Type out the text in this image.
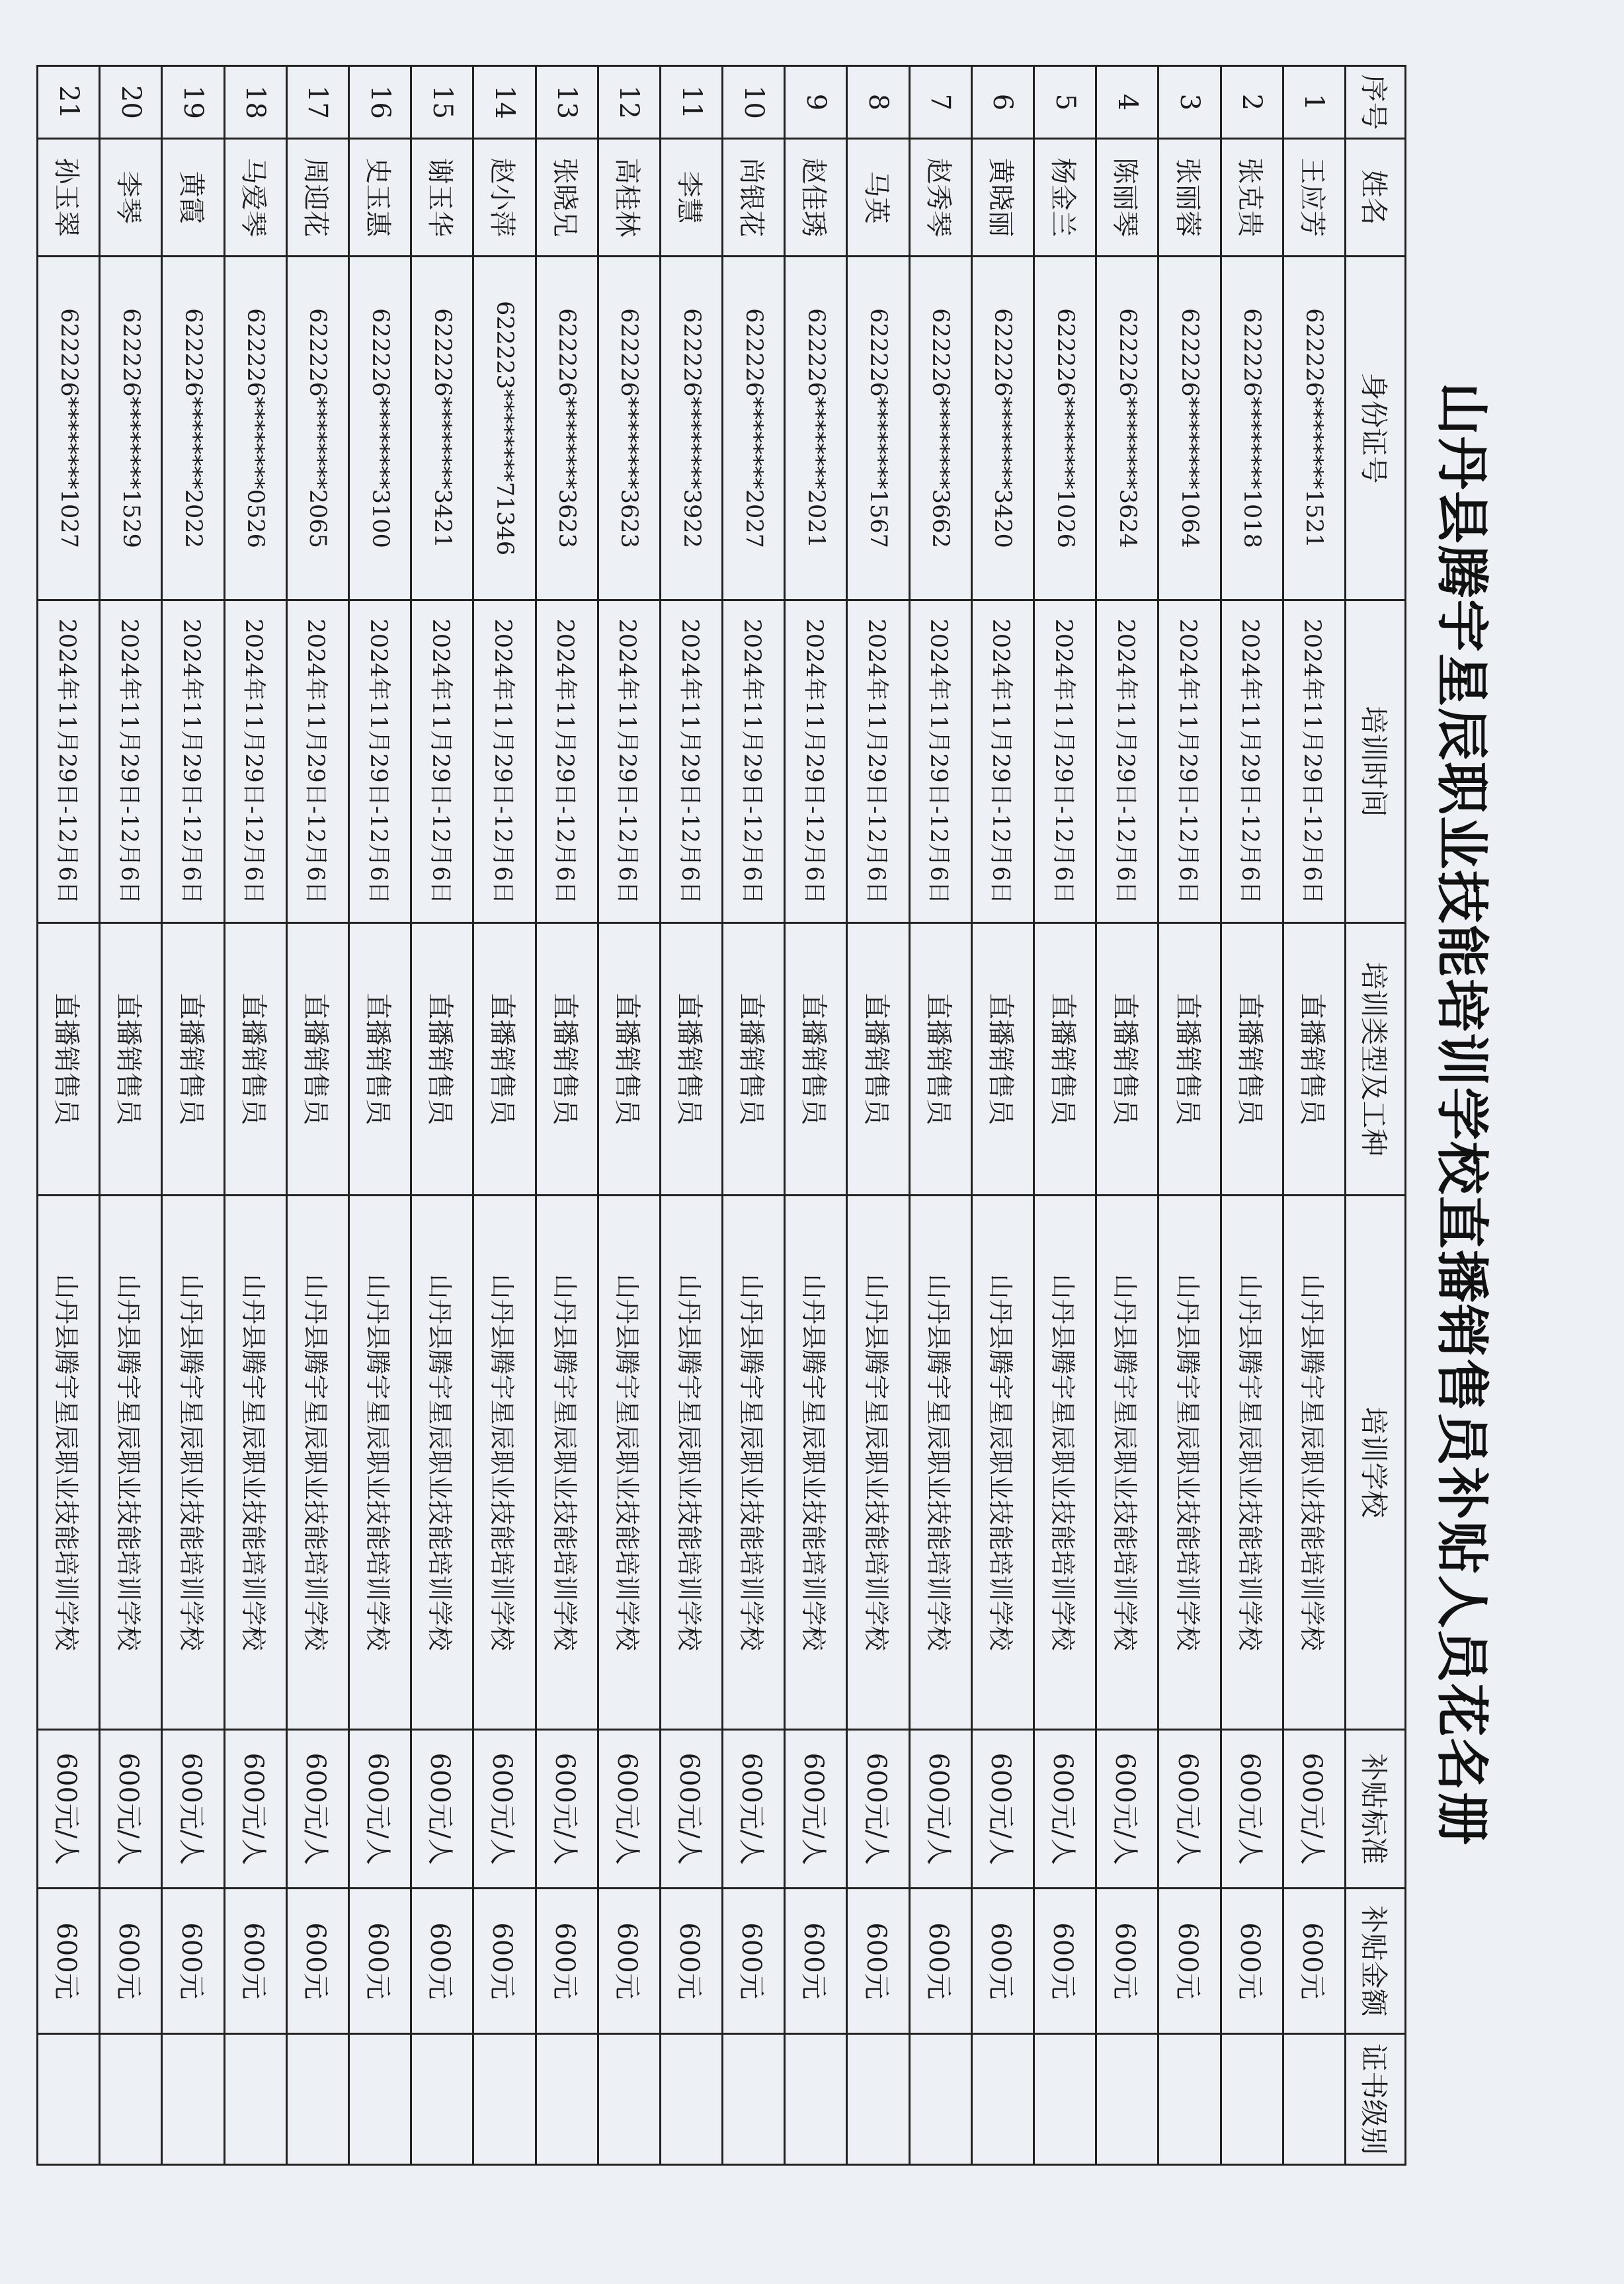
山丹县腾宇星辰职业技能培训学校直播销售员补贴人员花名册
序号	姓名	身份证号	培训时间	培训类型及工种	培训学校	补贴标准	补贴金额	证书级别
1	王应芳	622226********1521	2024年11月29日-12月6日	直播销售员	山丹县腾宇星辰职业技能培训学校	600元/人	600元	
2	张克贵	622226********1018	2024年11月29日-12月6日	直播销售员	山丹县腾宇星辰职业技能培训学校	600元/人	600元	
3	张丽蓉	622226********1064	2024年11月29日-12月6日	直播销售员	山丹县腾宇星辰职业技能培训学校	600元/人	600元	
4	陈丽琴	622226********3624	2024年11月29日-12月6日	直播销售员	山丹县腾宇星辰职业技能培训学校	600元/人	600元	
5	杨金兰	622226********1026	2024年11月29日-12月6日	直播销售员	山丹县腾宇星辰职业技能培训学校	600元/人	600元	
6	黄晓丽	622226********3420	2024年11月29日-12月6日	直播销售员	山丹县腾宇星辰职业技能培训学校	600元/人	600元	
7	赵秀琴	622226********3662	2024年11月29日-12月6日	直播销售员	山丹县腾宇星辰职业技能培训学校	600元/人	600元	
8	马英	622226********1567	2024年11月29日-12月6日	直播销售员	山丹县腾宇星辰职业技能培训学校	600元/人	600元	
9	赵佳琇	622226********2021	2024年11月29日-12月6日	直播销售员	山丹县腾宇星辰职业技能培训学校	600元/人	600元	
10	尚银花	622226********2027	2024年11月29日-12月6日	直播销售员	山丹县腾宇星辰职业技能培训学校	600元/人	600元	
11	李慧	622226********3922	2024年11月29日-12月6日	直播销售员	山丹县腾宇星辰职业技能培训学校	600元/人	600元	
12	高桂林	622226********3623	2024年11月29日-12月6日	直播销售员	山丹县腾宇星辰职业技能培训学校	600元/人	600元	
13	张晓兄	622226********3623	2024年11月29日-12月6日	直播销售员	山丹县腾宇星辰职业技能培训学校	600元/人	600元	
14	赵小萍	622223********71346	2024年11月29日-12月6日	直播销售员	山丹县腾宇星辰职业技能培训学校	600元/人	600元	
15	谢玉华	622226********3421	2024年11月29日-12月6日	直播销售员	山丹县腾宇星辰职业技能培训学校	600元/人	600元	
16	史玉惠	622226********3100	2024年11月29日-12月6日	直播销售员	山丹县腾宇星辰职业技能培训学校	600元/人	600元	
17	周迎花	622226********2065	2024年11月29日-12月6日	直播销售员	山丹县腾宇星辰职业技能培训学校	600元/人	600元	
18	马爱琴	622226********0526	2024年11月29日-12月6日	直播销售员	山丹县腾宇星辰职业技能培训学校	600元/人	600元	
19	黄霞	622226********2022	2024年11月29日-12月6日	直播销售员	山丹县腾宇星辰职业技能培训学校	600元/人	600元	
20	李琴	622226********1529	2024年11月29日-12月6日	直播销售员	山丹县腾宇星辰职业技能培训学校	600元/人	600元	
21	孙玉翠	622226********1027	2024年11月29日-12月6日	直播销售员	山丹县腾宇星辰职业技能培训学校	600元/人	600元	
